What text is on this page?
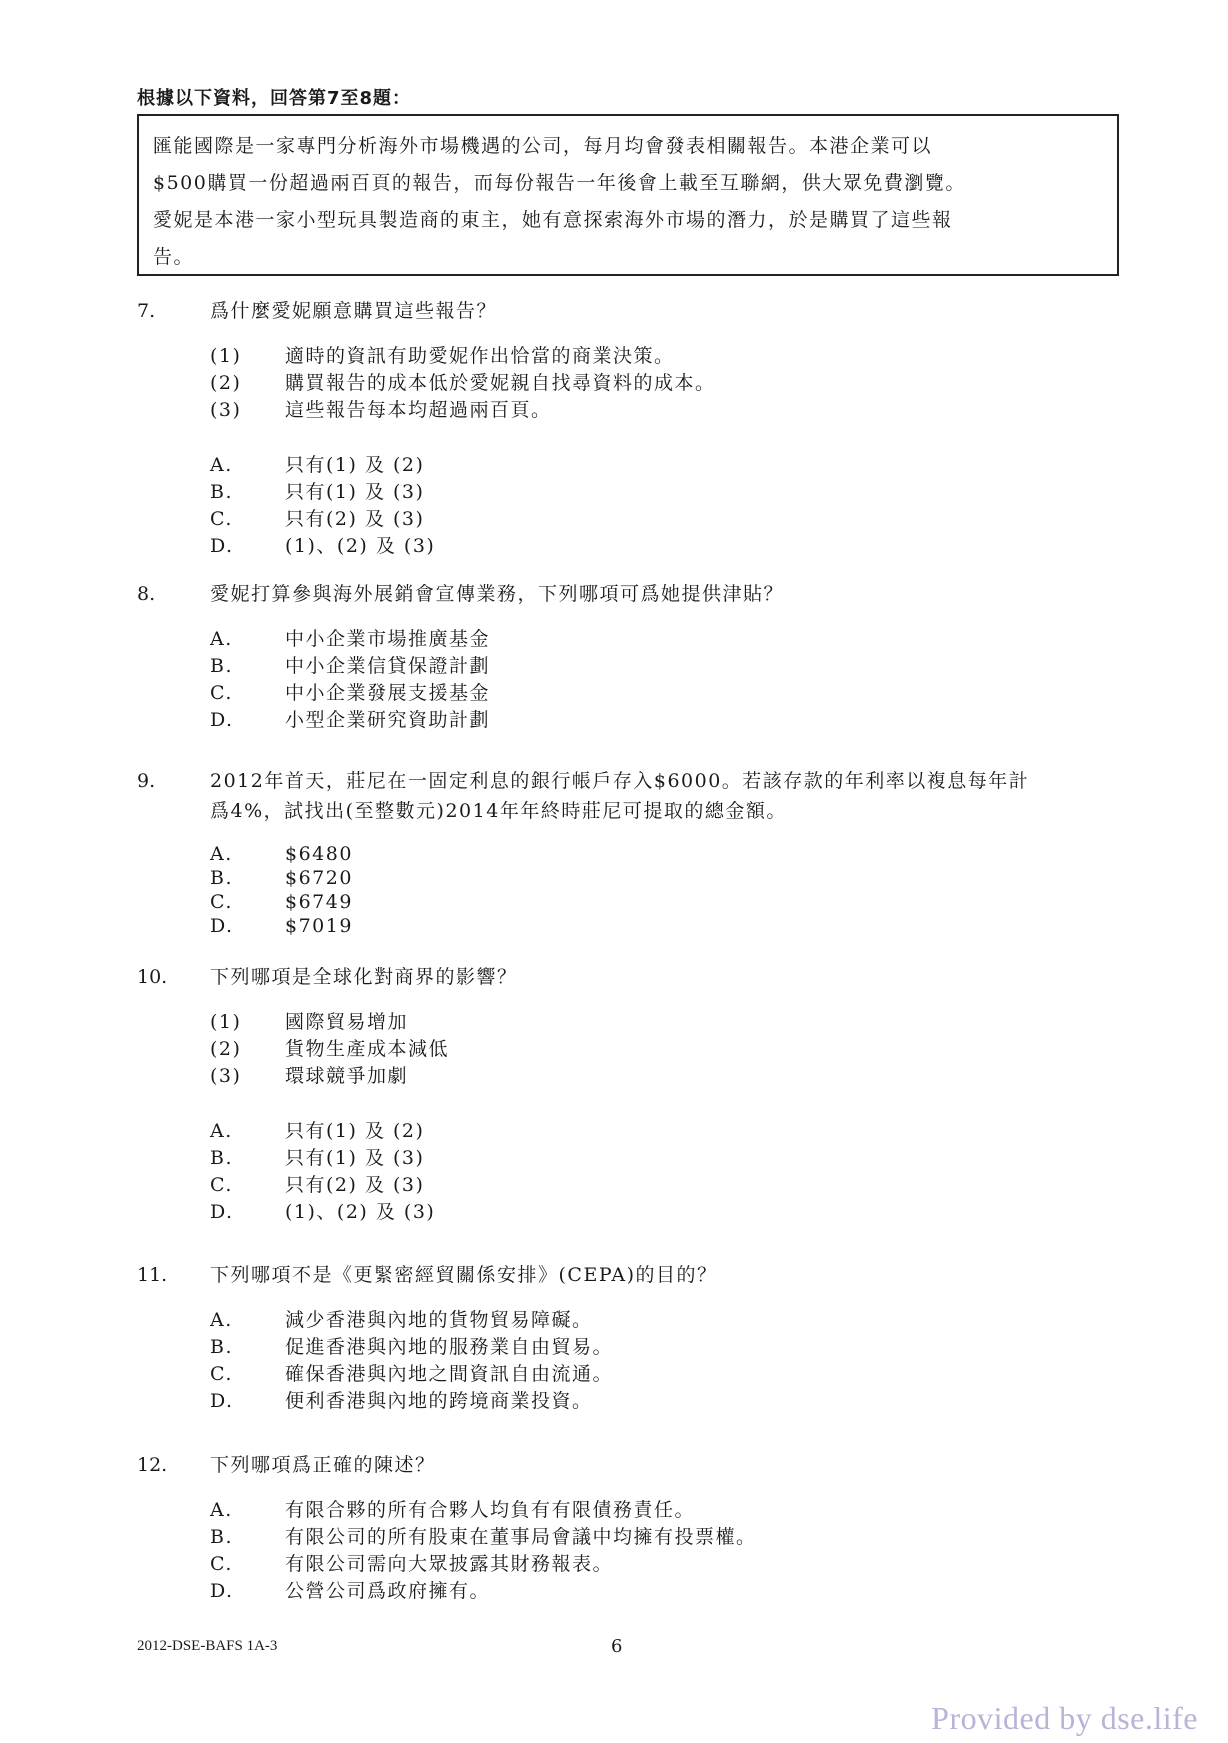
根據以下資料，回答第7至8題：
匯能國際是一家專門分析海外市場機遇的公司，每月均會發表相關報告。本港企業可以
$500購買一份超過兩百頁的報告，而每份報告一年後會上載至互聯網，供大眾免費瀏覽。
愛妮是本港一家小型玩具製造商的東主，她有意探索海外市場的潛力，於是購買了這些報
告。
7.	爲什麼愛妮願意購買這些報告？
(1)	適時的資訊有助愛妮作出恰當的商業決策。
(2)	購買報告的成本低於愛妮親自找尋資料的成本。
(3)	這些報告每本均超過兩百頁。
A.	只有(1) 及 (2)
B.	只有(1) 及 (3)
C.	只有(2) 及 (3)
D.	(1)、(2) 及 (3)
8.	愛妮打算參與海外展銷會宣傳業務，下列哪項可爲她提供津貼？
A.	中小企業市場推廣基金
B.	中小企業信貸保證計劃
C.	中小企業發展支援基金
D.	小型企業研究資助計劃
9.	2012年首天，莊尼在一固定利息的銀行帳戶存入$6000。若該存款的年利率以複息每年計
爲4%，試找出(至整數元)2014年年終時莊尼可提取的總金額。
A.	$6480
B.	$6720
C.	$6749
D.	$7019
10.	下列哪項是全球化對商界的影響？
(1)	國際貿易增加
(2)	貨物生產成本減低
(3)	環球競爭加劇
A.	只有(1) 及 (2)
B.	只有(1) 及 (3)
C.	只有(2) 及 (3)
D.	(1)、(2) 及 (3)
11.	下列哪項不是《更緊密經貿關係安排》(CEPA)的目的？
A.	減少香港與內地的貨物貿易障礙。
B.	促進香港與內地的服務業自由貿易。
C.	確保香港與內地之間資訊自由流通。
D.	便利香港與內地的跨境商業投資。
12.	下列哪項爲正確的陳述？
A.	有限合夥的所有合夥人均負有有限債務責任。
B.	有限公司的所有股東在董事局會議中均擁有投票權。
C.	有限公司需向大眾披露其財務報表。
D.	公營公司爲政府擁有。
2012-DSE-BAFS 1A-3	6
Provided by dse.life
